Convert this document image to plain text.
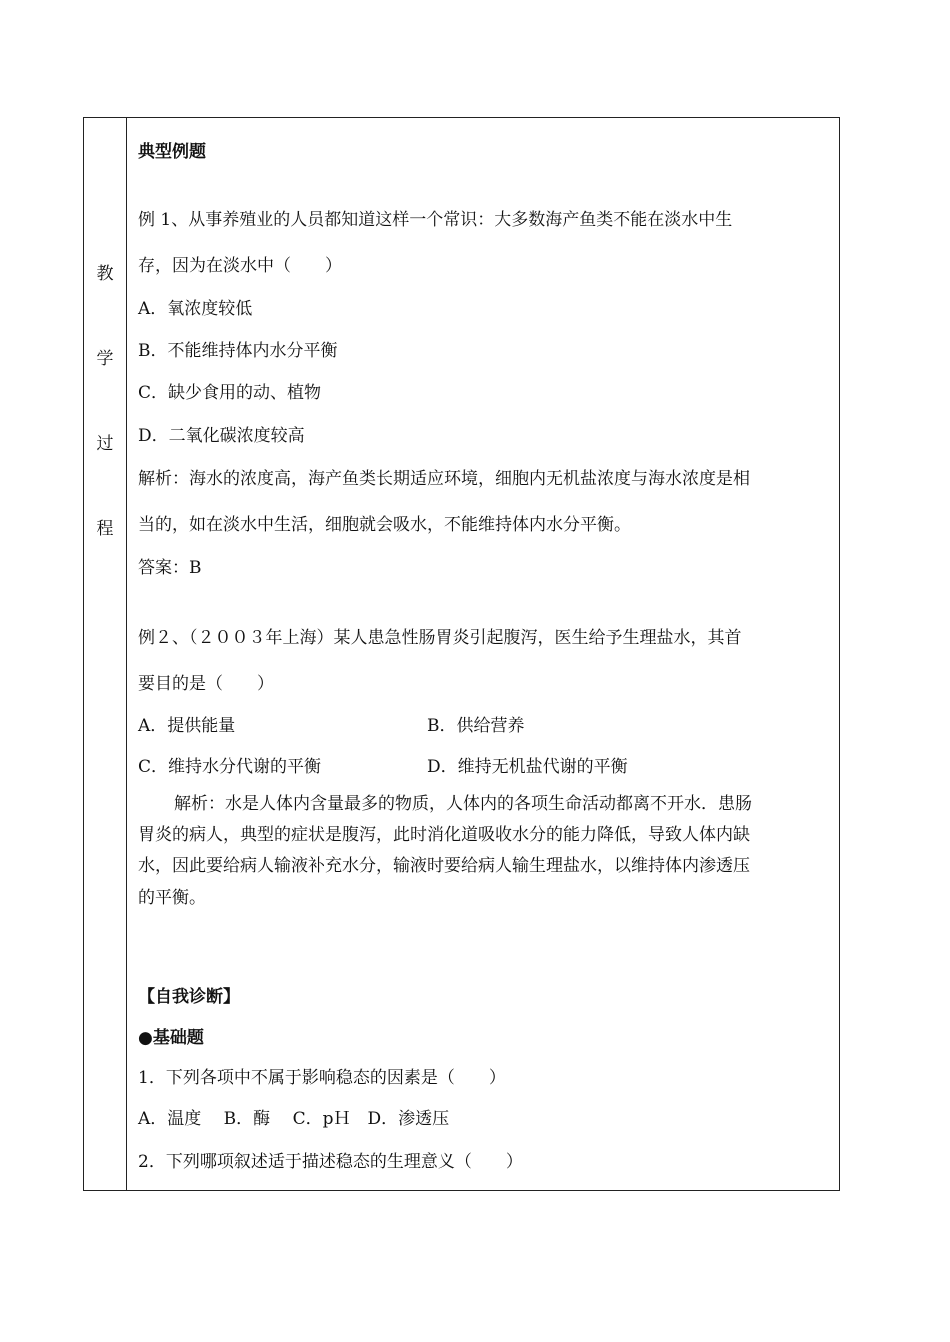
教
学
过
程
典型例题
例 1、从事养殖业的人员都知道这样一个常识：大多数海产鱼类不能在淡水中生
存，因为在淡水中（　　）
A．氧浓度较低
B．不能维持体内水分平衡
C．缺少食用的动、植物
D．二氧化碳浓度较高
解析：海水的浓度高，海产鱼类长期适应环境，细胞内无机盐浓度与海水浓度是相
当的，如在淡水中生活，细胞就会吸水，不能维持体内水分平衡。
答案：B
例２、（２００３年上海）某人患急性肠胃炎引起腹泻，医生给予生理盐水，其首
要目的是（　　）
A．提供能量	B．供给营养
C．维持水分代谢的平衡	D．维持无机盐代谢的平衡
解析：水是人体内含量最多的物质，人体内的各项生命活动都离不开水．患肠
胃炎的病人，典型的症状是腹泻，此时消化道吸收水分的能力降低，导致人体内缺
水，因此要给病人输液补充水分，输液时要给病人输生理盐水，以维持体内渗透压
的平衡。
【自我诊断】
●基础题
1．下列各项中不属于影响稳态的因素是（　　）
A．温度　 B．酶　 C．pＨ　D．渗透压
2．下列哪项叙述适于描述稳态的生理意义（　　）
